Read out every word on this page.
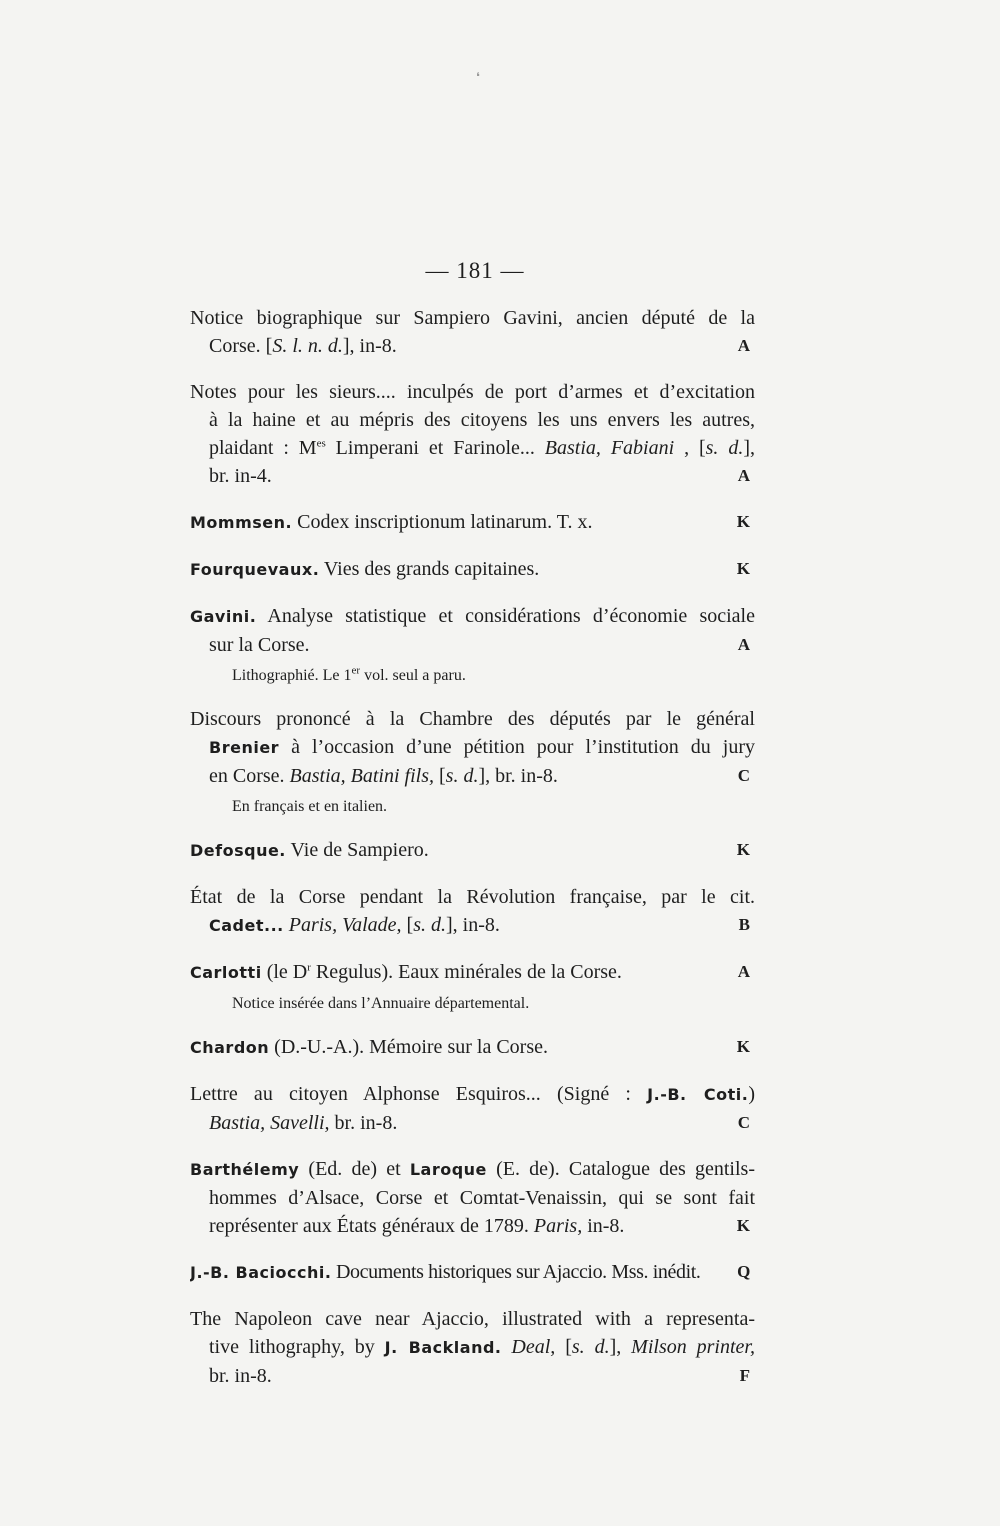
❛
— 181 —
Notice biographique sur Sampiero Gavini, ancien député de la
Corse. [S. l. n. d.], in-8.	A
Notes pour les sieurs.... inculpés de port d’armes et d’excitation
à la haine et au mépris des citoyens les uns envers les autres,
plaidant : $M^{es}$ Limperani et Farinole... Bastia, Fabiani , [s. d.],
br. in-4.	A
Mommsen. Codex inscriptionum latinarum. T. x.	K
Fourquevaux. Vies des grands capitaines.	K
Gavini. Analyse statistique et considérations d’économie sociale
sur la Corse.	A
Lithographié. Le 1er vol. seul a paru.
Discours prononcé à la Chambre des députés par le général
Brenier à l’occasion d’une pétition pour l’institution du jury
en Corse. Bastia, Batini fils, [s. d.], br. in-8.	C
En français et en italien.
Defosque. Vie de Sampiero.	K
État de la Corse pendant la Révolution française, par le cit.
Cadet... Paris, Valade, [s. d.], in-8.	B
Carlotti (le $D^r$ Regulus). Eaux minérales de la Corse.	A
Notice insérée dans l’Annuaire départemental.
Chardon (D.-U.-A.). Mémoire sur la Corse.	K
Lettre au citoyen Alphonse Esquiros... (Signé : J.-B. Coti.)
Bastia, Savelli, br. in-8.	C
Barthélemy (Ed. de) et Laroque (E. de). Catalogue des gentils-
hommes d’Alsace, Corse et Comtat-Venaissin, qui se sont fait
représenter aux États généraux de 1789. Paris, in-8.	K
J.-B. Baciocchi. Documents historiques sur Ajaccio. Mss. inédit. Q
The Napoleon cave near Ajaccio, illustrated with a representa-
tive lithography, by J. Backland. Deal, [s. d.], Milson printer,
br. in-8.	F
